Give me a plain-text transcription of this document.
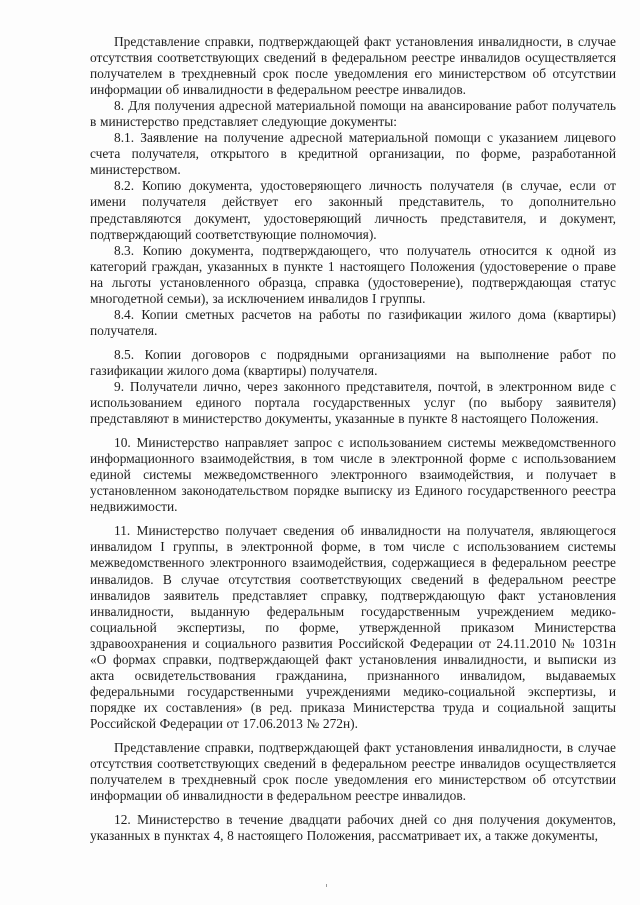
Представление справки, подтверждающей факт установления инвалидности, в случае отсутствия соответствующих сведений в федеральном реестре инвалидов осуществляется получателем в трехдневный срок после уведомления его министерством об отсутствии информации об инвалидности в федеральном реестре инвалидов.

8. Для получения адресной материальной помощи на авансирование работ получатель в министерство представляет следующие документы:

8.1. Заявление на получение адресной материальной помощи с указанием лицевого счета получателя, открытого в кредитной организации, по форме, разработанной министерством.

8.2. Копию документа, удостоверяющего личность получателя (в случае, если от имени получателя действует его законный представитель, то дополнительно представляются документ, удостоверяющий личность представителя, и документ, подтверждающий соответствующие полномочия).

8.3. Копию документа, подтверждающего, что получатель относится к одной из категорий граждан, указанных в пункте 1 настоящего Положения (удостоверение о праве на льготы установленного образца, справка (удостоверение), подтверждающая статус многодетной семьи), за исключением инвалидов I группы.

8.4. Копии сметных расчетов на работы по газификации жилого дома (квартиры) получателя.

8.5. Копии договоров с подрядными организациями на выполнение работ по газификации жилого дома (квартиры) получателя.

9. Получатели лично, через законного представителя, почтой, в электронном виде с использованием единого портала государственных услуг (по выбору заявителя) представляют в министерство документы, указанные в пункте 8 настоящего Положения.

10. Министерство направляет запрос с использованием системы межведомственного информационного взаимодействия, в том числе в электронной форме с использованием единой системы межведомственного электронного взаимодействия, и получает в установленном законодательством порядке выписку из Единого государственного реестра недвижимости.

11. Министерство получает сведения об инвалидности на получателя, являющегося инвалидом I группы, в электронной форме, в том числе с использованием системы межведомственного электронного взаимодействия, содержащиеся в федеральном реестре инвалидов. В случае отсутствия соответствующих сведений в федеральном реестре инвалидов заявитель представляет справку, подтверждающую факт установления инвалидности, выданную федеральным государственным учреждением медико-социальной экспертизы, по форме, утвержденной приказом Министерства здравоохранения и социального развития Российской Федерации от 24.11.2010 № 1031н «О формах справки, подтверждающей факт установления инвалидности, и выписки из акта освидетельствования гражданина, признанного инвалидом, выдаваемых федеральными государственными учреждениями медико-социальной экспертизы, и порядке их составления» (в ред. приказа Министерства труда и социальной защиты Российской Федерации от 17.06.2013 № 272н).

Представление справки, подтверждающей факт установления инвалидности, в случае отсутствия соответствующих сведений в федеральном реестре инвалидов осуществляется получателем в трехдневный срок после уведомления его министерством об отсутствии информации об инвалидности в федеральном реестре инвалидов.

12. Министерство в течение двадцати рабочих дней со дня получения документов, указанных в пунктах 4, 8 настоящего Положения, рассматривает их, а также документы,
